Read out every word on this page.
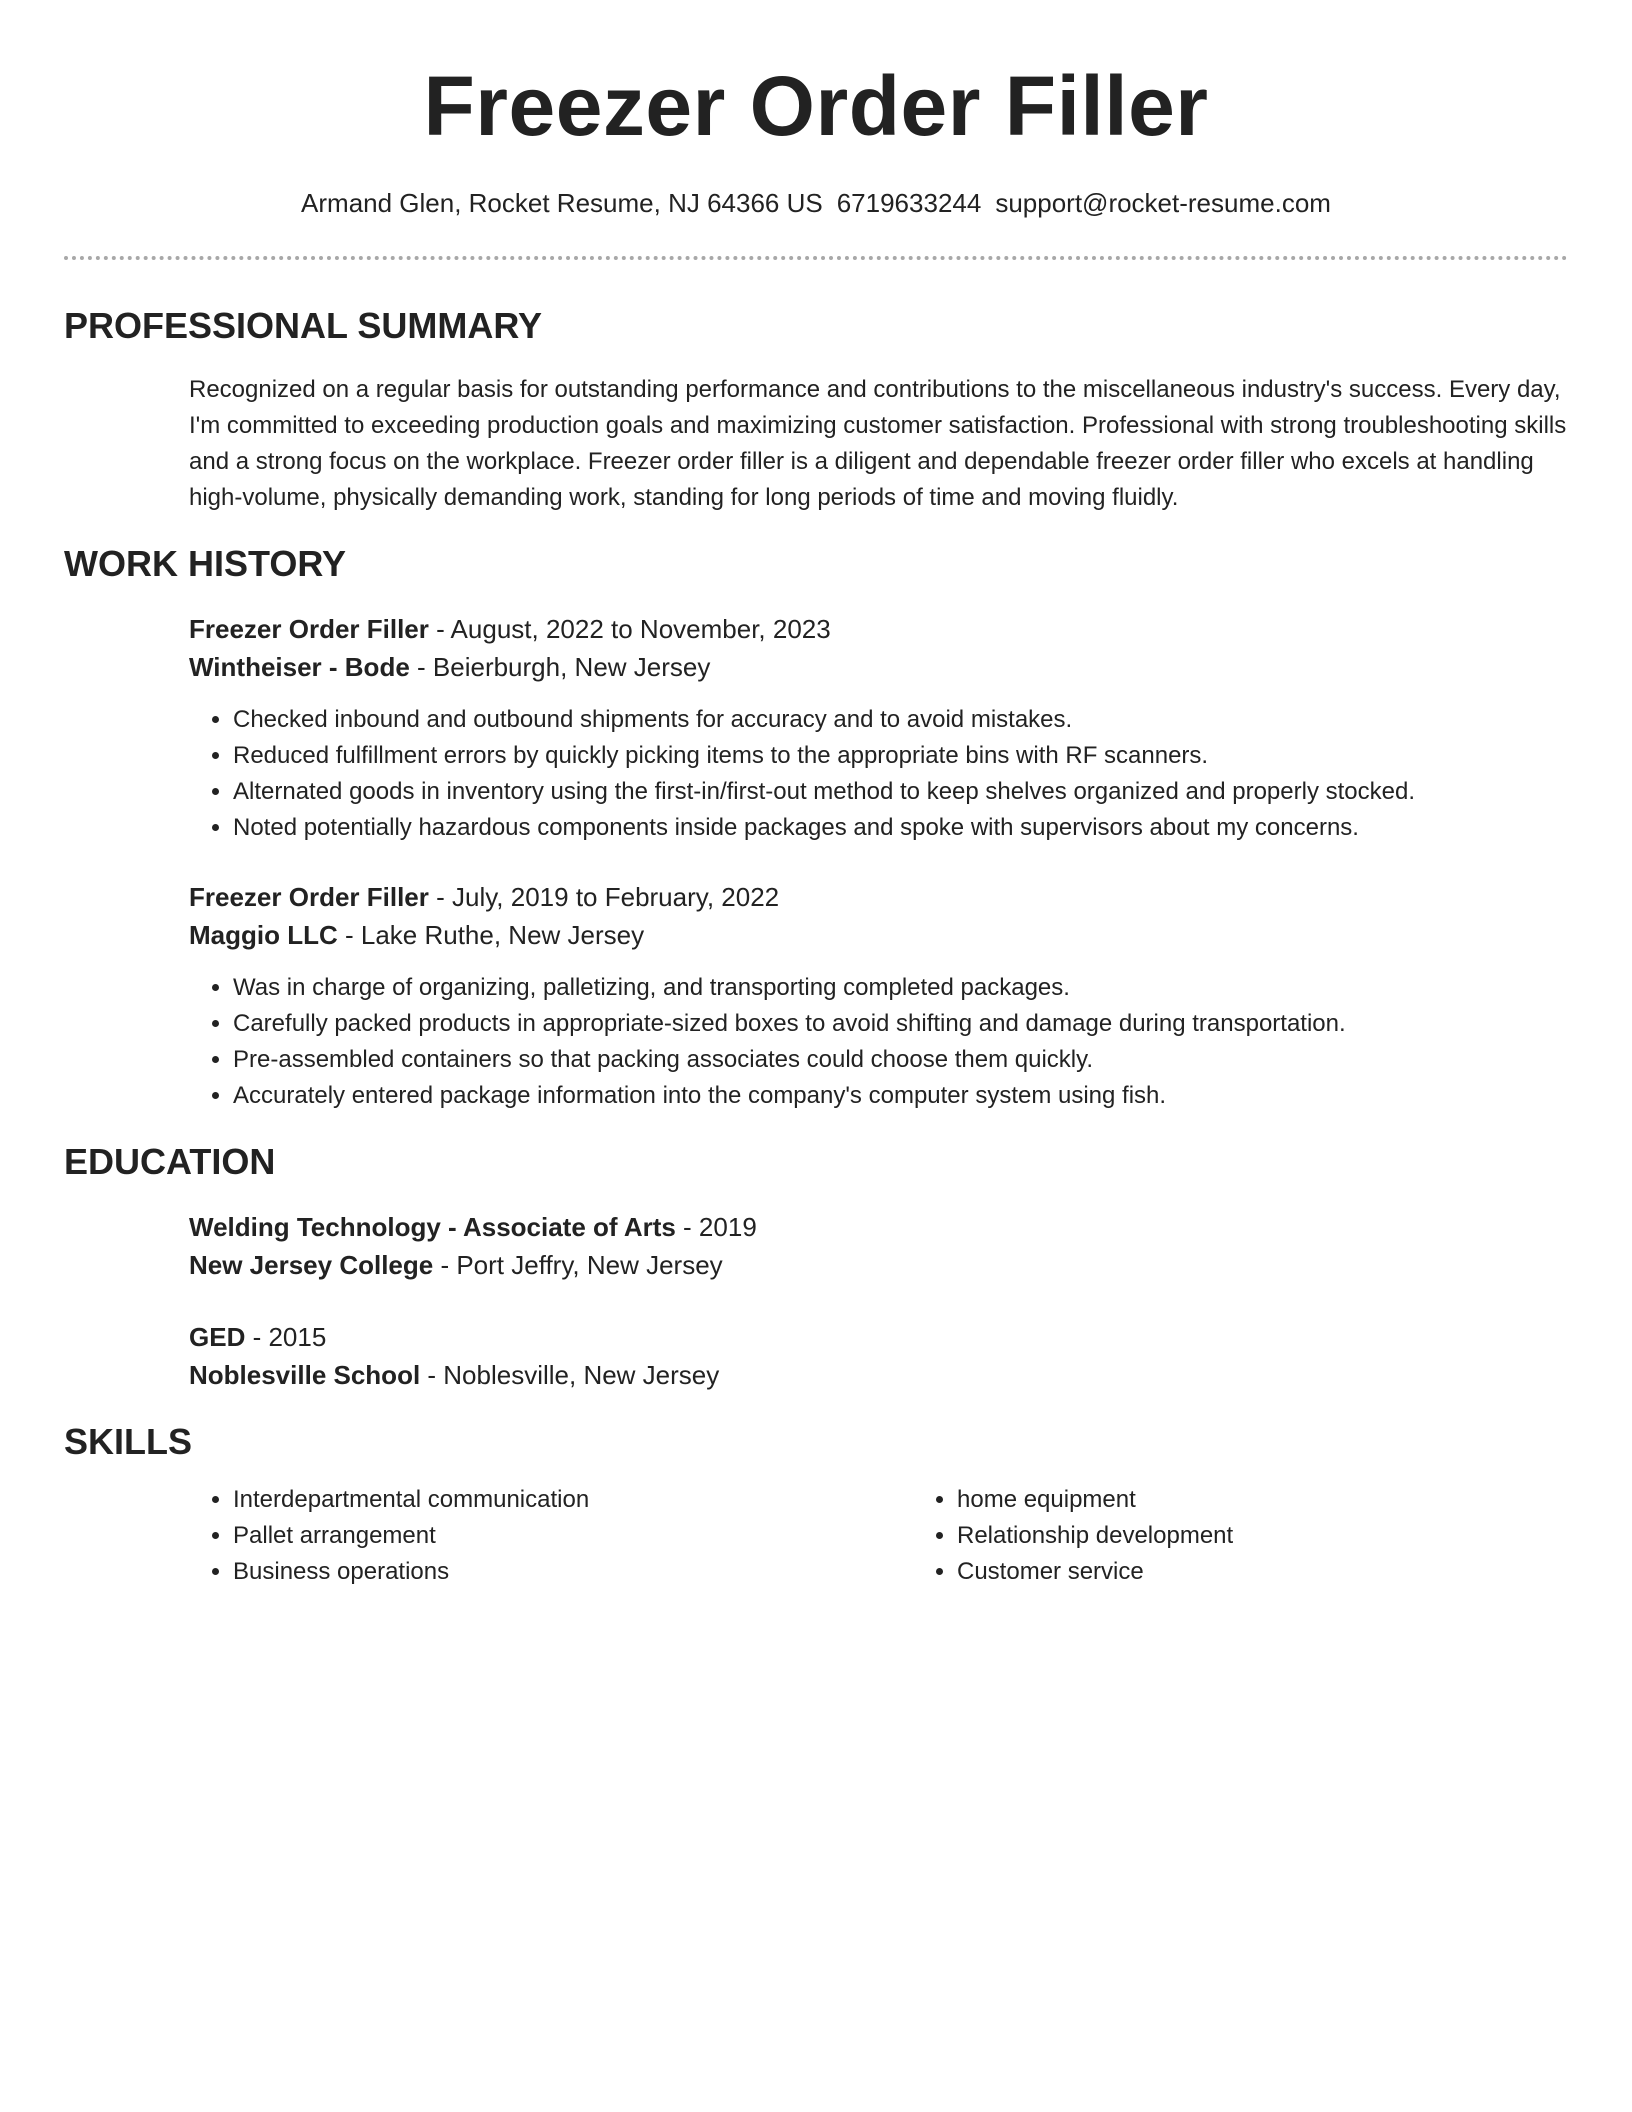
Freezer Order Filler
Armand Glen, Rocket Resume, NJ 64366 US 6719633244 support@rocket-resume.com
PROFESSIONAL SUMMARY
Recognized on a regular basis for outstanding performance and contributions to the miscellaneous industry's success. Every day, I'm committed to exceeding production goals and maximizing customer satisfaction. Professional with strong troubleshooting skills and a strong focus on the workplace. Freezer order filler is a diligent and dependable freezer order filler who excels at handling high-volume, physically demanding work, standing for long periods of time and moving fluidly.
WORK HISTORY
Freezer Order Filler - August, 2022 to November, 2023
Wintheiser - Bode - Beierburgh, New Jersey
• Checked inbound and outbound shipments for accuracy and to avoid mistakes.
• Reduced fulfillment errors by quickly picking items to the appropriate bins with RF scanners.
• Alternated goods in inventory using the first-in/first-out method to keep shelves organized and properly stocked.
• Noted potentially hazardous components inside packages and spoke with supervisors about my concerns.
Freezer Order Filler - July, 2019 to February, 2022
Maggio LLC - Lake Ruthe, New Jersey
• Was in charge of organizing, palletizing, and transporting completed packages.
• Carefully packed products in appropriate-sized boxes to avoid shifting and damage during transportation.
• Pre-assembled containers so that packing associates could choose them quickly.
• Accurately entered package information into the company's computer system using fish.
EDUCATION
Welding Technology - Associate of Arts - 2019
New Jersey College - Port Jeffry, New Jersey
GED - 2015
Noblesville School - Noblesville, New Jersey
SKILLS
• Interdepartmental communication
• Pallet arrangement
• Business operations
• home equipment
• Relationship development
• Customer service
